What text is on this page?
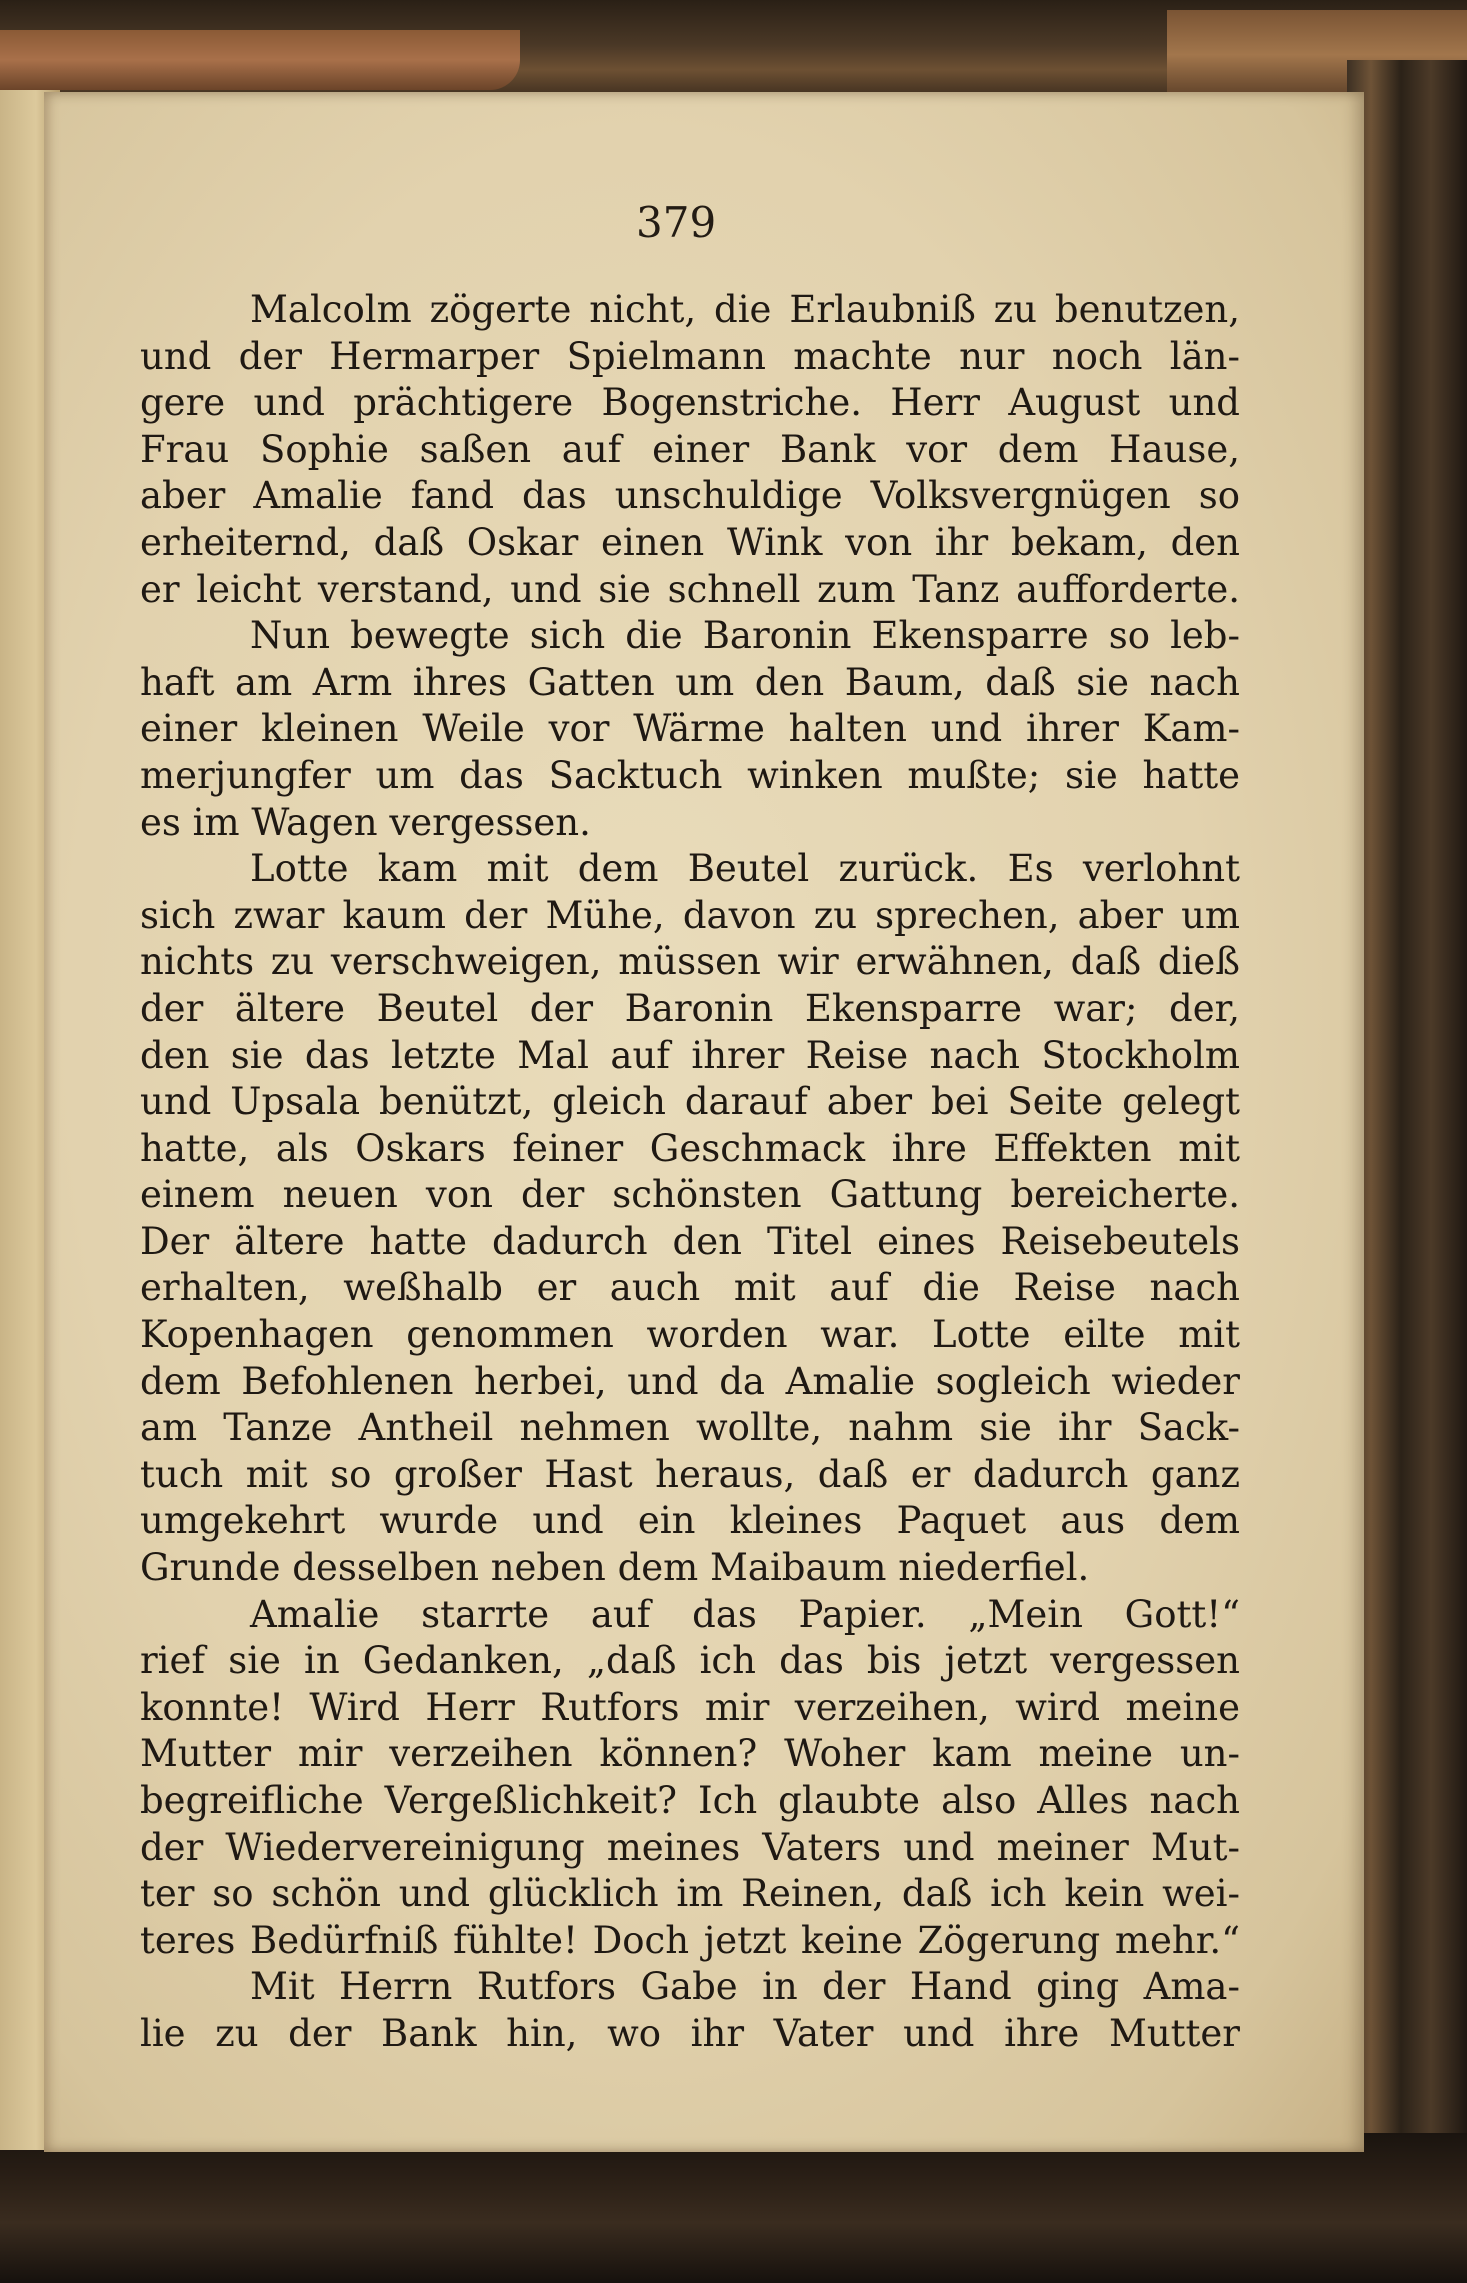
379
Malcolm zögerte nicht, die Erlaubniß zu benutzen,
und der Hermarper Spielmann machte nur noch län-
gere und prächtigere Bogenstriche. Herr August und
Frau Sophie saßen auf einer Bank vor dem Hause,
aber Amalie fand das unschuldige Volksvergnügen so
erheiternd, daß Oskar einen Wink von ihr bekam, den
er leicht verstand, und sie schnell zum Tanz aufforderte.
Nun bewegte sich die Baronin Ekensparre so leb-
haft am Arm ihres Gatten um den Baum, daß sie nach
einer kleinen Weile vor Wärme halten und ihrer Kam-
merjungfer um das Sacktuch winken mußte; sie hatte
es im Wagen vergessen.
Lotte kam mit dem Beutel zurück. Es verlohnt
sich zwar kaum der Mühe, davon zu sprechen, aber um
nichts zu verschweigen, müssen wir erwähnen, daß dieß
der ältere Beutel der Baronin Ekensparre war; der,
den sie das letzte Mal auf ihrer Reise nach Stockholm
und Upsala benützt, gleich darauf aber bei Seite gelegt
hatte, als Oskars feiner Geschmack ihre Effekten mit
einem neuen von der schönsten Gattung bereicherte.
Der ältere hatte dadurch den Titel eines Reisebeutels
erhalten, weßhalb er auch mit auf die Reise nach
Kopenhagen genommen worden war. Lotte eilte mit
dem Befohlenen herbei, und da Amalie sogleich wieder
am Tanze Antheil nehmen wollte, nahm sie ihr Sack-
tuch mit so großer Hast heraus, daß er dadurch ganz
umgekehrt wurde und ein kleines Paquet aus dem
Grunde desselben neben dem Maibaum niederfiel.
Amalie starrte auf das Papier. „Mein Gott!“
rief sie in Gedanken, „daß ich das bis jetzt vergessen
konnte! Wird Herr Rutfors mir verzeihen, wird meine
Mutter mir verzeihen können? Woher kam meine un-
begreifliche Vergeßlichkeit? Ich glaubte also Alles nach
der Wiedervereinigung meines Vaters und meiner Mut-
ter so schön und glücklich im Reinen, daß ich kein wei-
teres Bedürfniß fühlte! Doch jetzt keine Zögerung mehr.“
Mit Herrn Rutfors Gabe in der Hand ging Ama-
lie zu der Bank hin, wo ihr Vater und ihre Mutter
